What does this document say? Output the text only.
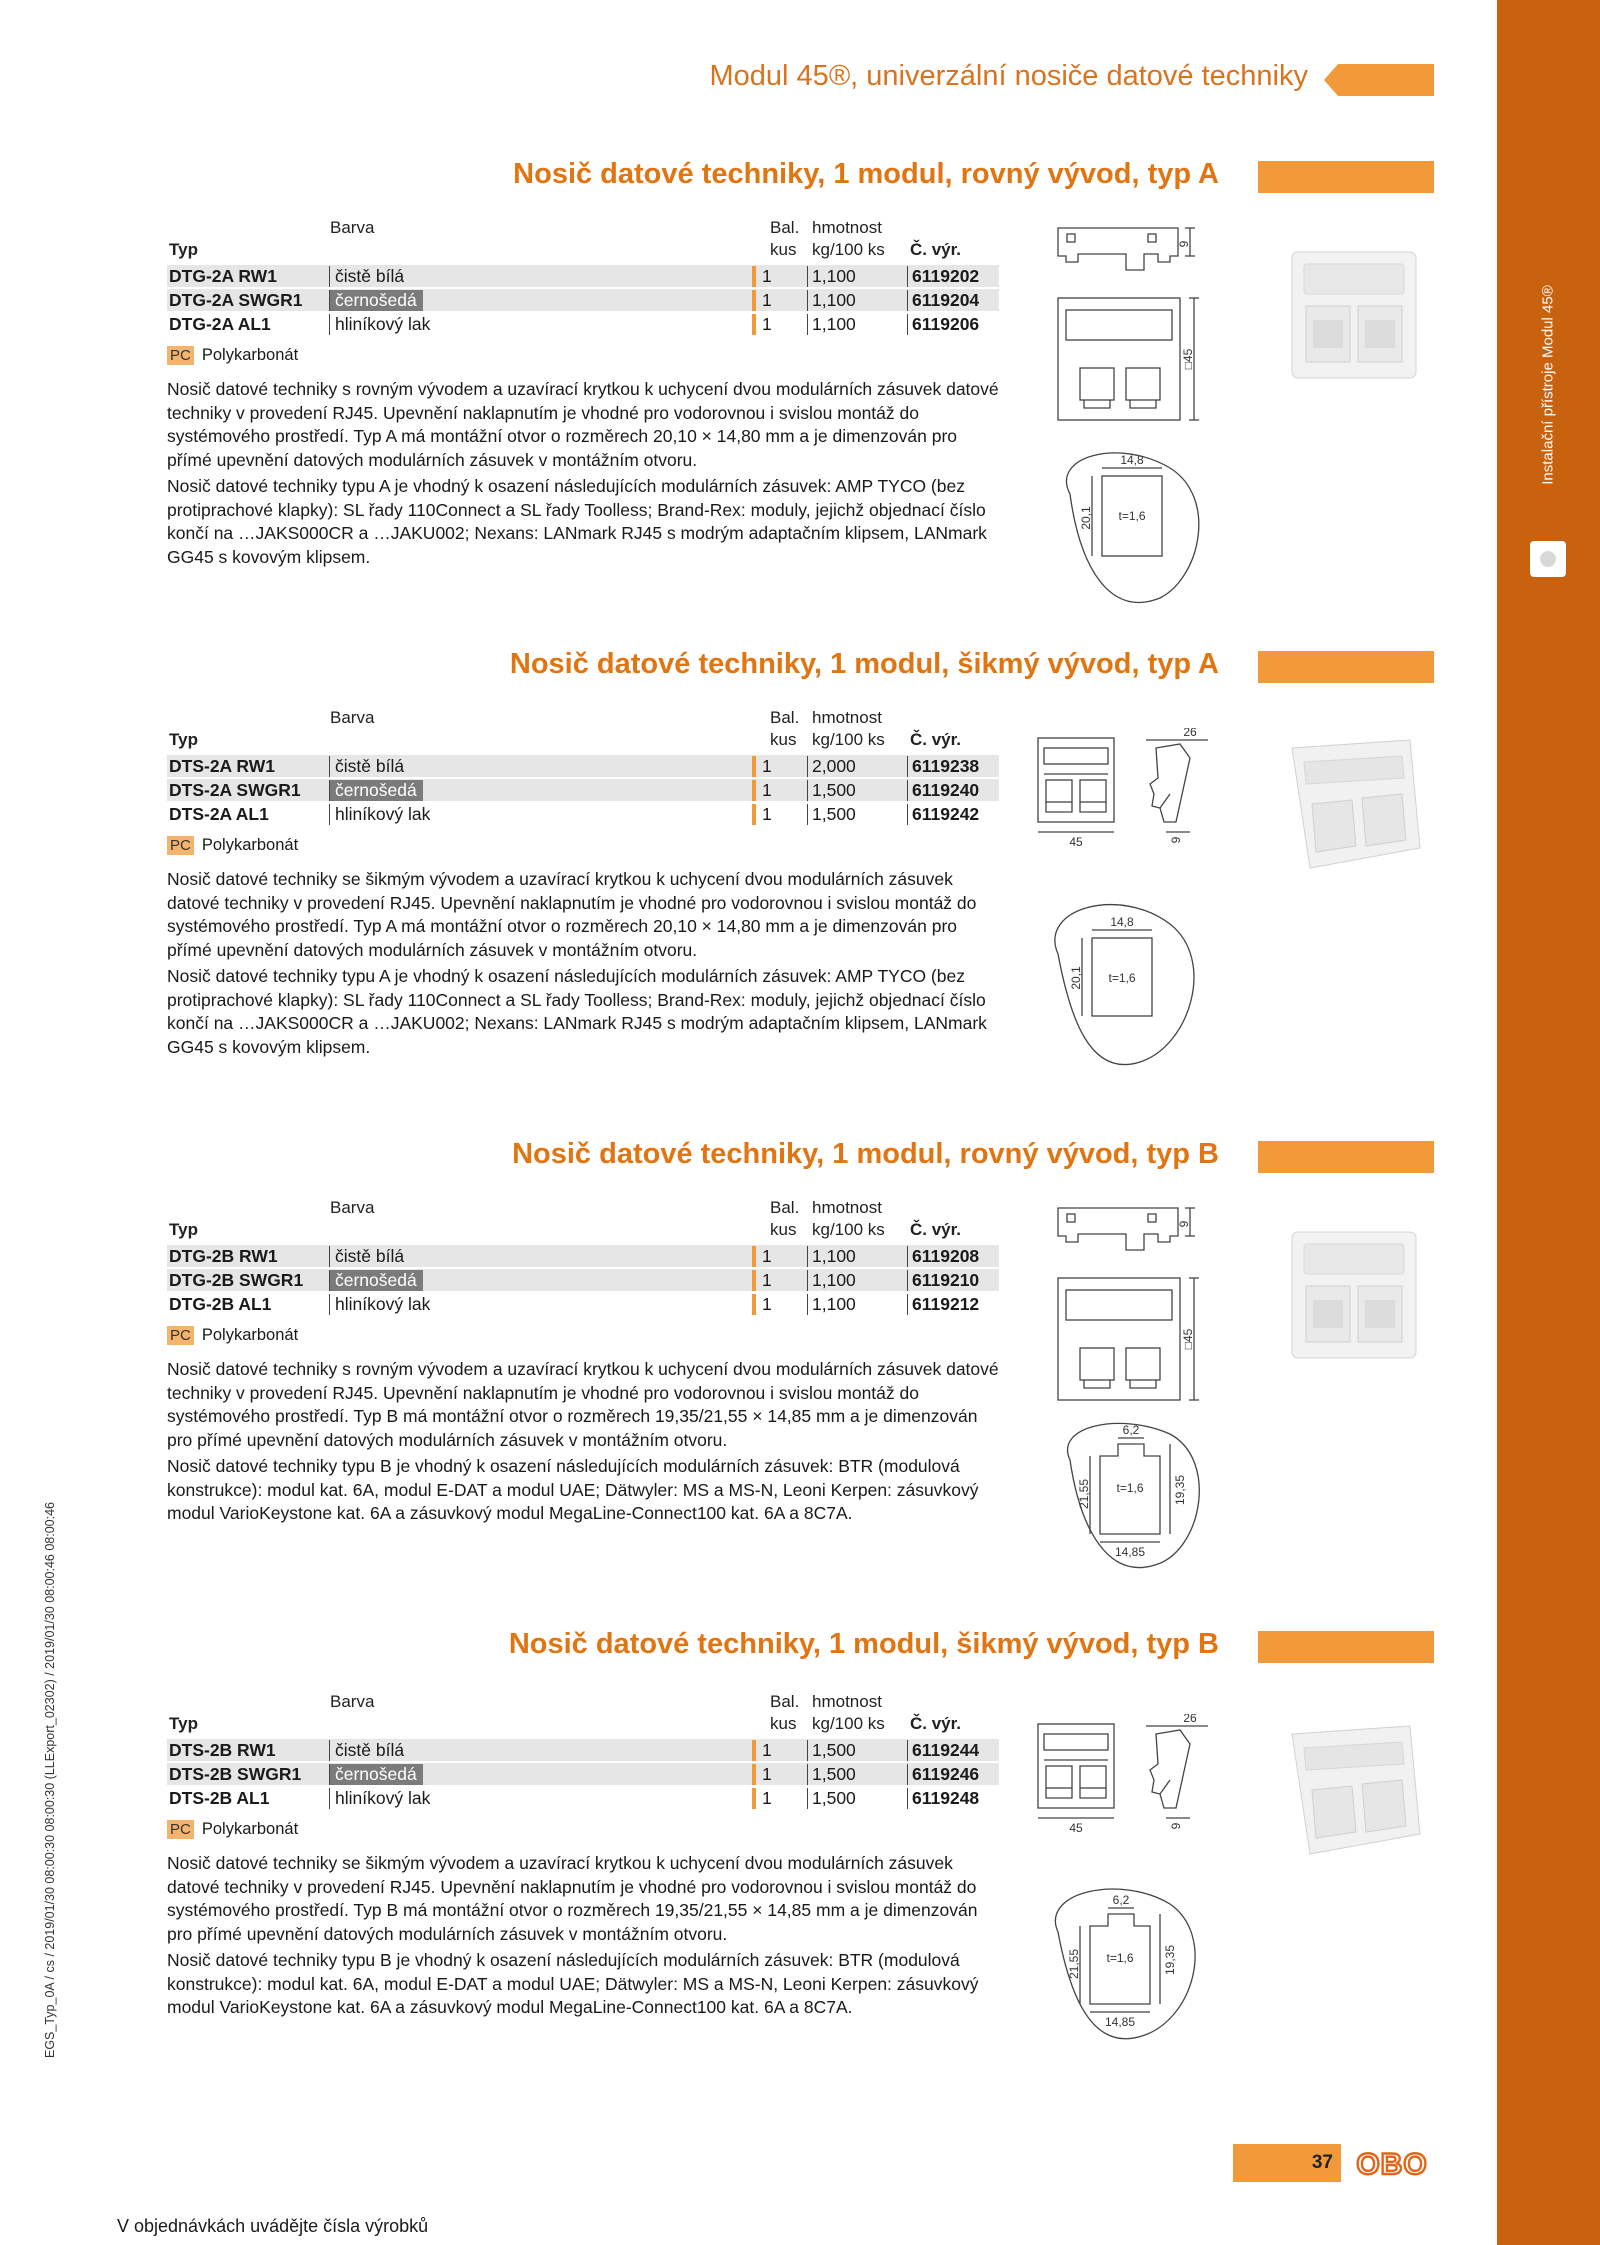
Instalační přístroje Modul 45®
EGS_Typ_0A / cs / 2019/01/30 08:00:30 08:00:30 (LLExport_02302) / 2019/01/30 08:00:46 08:00:46
Modul 45®, univerzální nosiče datové techniky
Nosič datové techniky, 1 modul, rovný vývod, typ A
Barva	Bal. hmotnost
Typ	kus kg/100 ks Č. výr.
DTG-2A RW1	čistě bílá	1 1,100	6119202
DTG-2A SWGR1	černošedá	1 1,100	6119204
DTG-2A AL1	hliníkový lak	1 1,100	6119206
PC Polykarbonát

Nosič datové techniky s rovným vývodem a uzavírací krytkou k uchycení dvou modulárních zásuvek datové techniky v provedení RJ45. Upevnění naklapnutím je vhodné pro vodorovnou i svislou montáž do systémového prostředí. Typ A má montážní otvor o rozměrech 20,10 × 14,80 mm a je dimenzován pro přímé upevnění datových modulárních zásuvek v montážním otvoru.

Nosič datové techniky typu A je vhodný k osazení následujících modulárních zásuvek: AMP TYCO (bez protiprachové klapky): SL řady 110Connect a SL řady Toolless; Brand-Rex: moduly, jejichž objednací číslo končí na …JAKS000CR a …JAKU002; Nexans: LANmark RJ45 s modrým adaptačním klipsem, LANmark GG45 s kovovým klipsem.

9
□45
14,8
20,1 t=1,6
Nosič datové techniky, 1 modul, šikmý vývod, typ A
Barva	Bal. hmotnost
Typ	kus kg/100 ks Č. výr.
DTS-2A RW1	čistě bílá	1 2,000	6119238
DTS-2A SWGR1	černošedá	1 1,500	6119240
DTS-2A AL1	hliníkový lak	1 1,500	6119242
PC Polykarbonát

Nosič datové techniky se šikmým vývodem a uzavírací krytkou k uchycení dvou modulárních zásuvek datové techniky v provedení RJ45. Upevnění naklapnutím je vhodné pro vodorovnou i svislou montáž do systémového prostředí. Typ A má montážní otvor o rozměrech 20,10 × 14,80 mm a je dimenzován pro přímé upevnění datových modulárních zásuvek v montážním otvoru.

Nosič datové techniky typu A je vhodný k osazení následujících modulárních zásuvek: AMP TYCO (bez protiprachové klapky): SL řady 110Connect a SL řady Toolless; Brand-Rex: moduly, jejichž objednací číslo končí na …JAKS000CR a …JAKU002; Nexans: LANmark RJ45 s modrým adaptačním klipsem, LANmark GG45 s kovovým klipsem.

26
45	9
14,8
20,1 t=1,6
Nosič datové techniky, 1 modul, rovný vývod, typ B
Barva	Bal. hmotnost
Typ	kus kg/100 ks Č. výr.
DTG-2B RW1	čistě bílá	1 1,100	6119208
DTG-2B SWGR1	černošedá	1 1,100	6119210
DTG-2B AL1	hliníkový lak	1 1,100	6119212
PC Polykarbonát

Nosič datové techniky s rovným vývodem a uzavírací krytkou k uchycení dvou modulárních zásuvek datové techniky v provedení RJ45. Upevnění naklapnutím je vhodné pro vodorovnou i svislou montáž do systémového prostředí. Typ B má montážní otvor o rozměrech 19,35/21,55 × 14,85 mm a je dimenzován pro přímé upevnění datových modulárních zásuvek v montážním otvoru.

Nosič datové techniky typu B je vhodný k osazení následujících modulárních zásuvek: BTR (modulová konstrukce): modul kat. 6A, modul E-DAT a modul UAE; Dätwyler: MS a MS-N, Leoni Kerpen: zásuvkový modul VarioKeystone kat. 6A a zásuvkový modul MegaLine-Connect100 kat. 6A a 8C7A.

9
□45
6,2
21,55	19,35
t=1,6
14,85
Nosič datové techniky, 1 modul, šikmý vývod, typ B
Barva	Bal. hmotnost
Typ	kus kg/100 ks Č. výr.
DTS-2B RW1	čistě bílá	1 1,500	6119244
DTS-2B SWGR1	černošedá	1 1,500	6119246
DTS-2B AL1	hliníkový lak	1 1,500	6119248
PC Polykarbonát

Nosič datové techniky se šikmým vývodem a uzavírací krytkou k uchycení dvou modulárních zásuvek datové techniky v provedení RJ45. Upevnění naklapnutím je vhodné pro vodorovnou i svislou montáž do systémového prostředí. Typ B má montážní otvor o rozměrech 19,35/21,55 × 14,85 mm a je dimenzován pro přímé upevnění datových modulárních zásuvek v montážním otvoru.

Nosič datové techniky typu B je vhodný k osazení následujících modulárních zásuvek: BTR (modulová konstrukce): modul kat. 6A, modul E-DAT a modul UAE; Dätwyler: MS a MS-N, Leoni Kerpen: zásuvkový modul VarioKeystone kat. 6A a zásuvkový modul MegaLine-Connect100 kat. 6A a 8C7A.

26
45	9
6,2
21,55	19,35
t=1,6
14,85
V objednávkách uvádějte čísla výrobků
37 OBO
